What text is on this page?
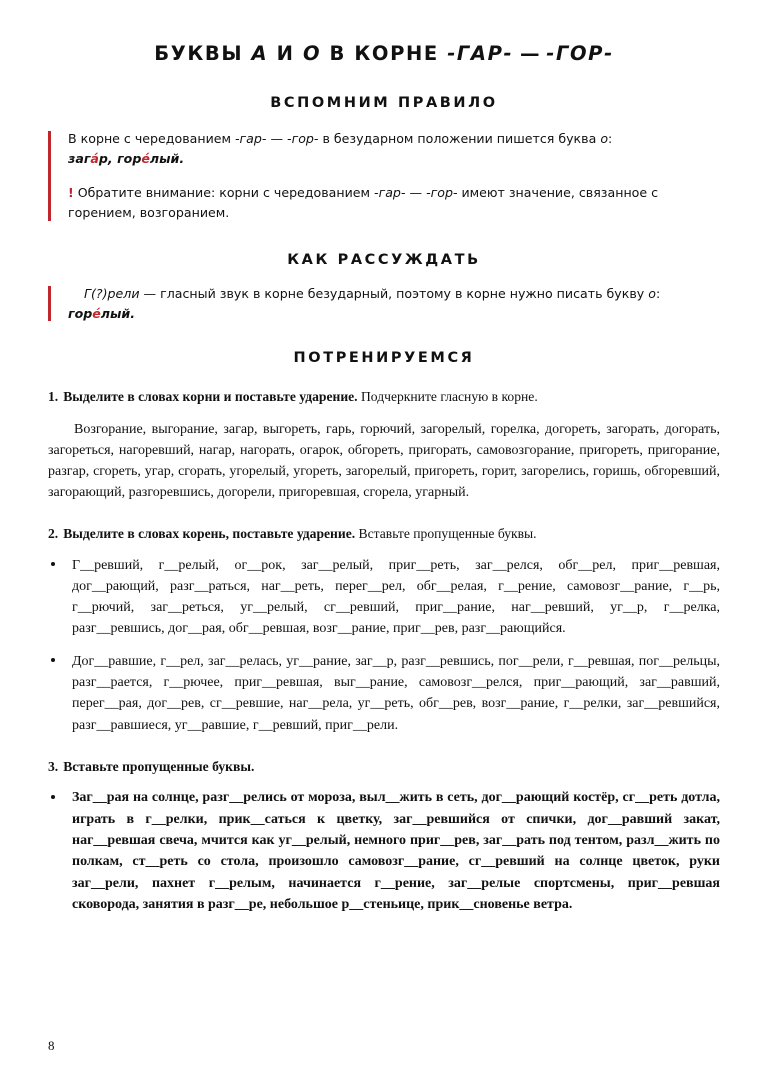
БУКВЫ А И О В КОРНЕ -ГАР- — -ГОР-
ВСПОМНИМ ПРАВИЛО

В корне с чередованием -гар- — -гор- в безударном положении пишется буква о:
загáр, горéлый.

! Обратите внимание: корни с чередованием -гар- — -гор- имеют значение, связанное с горением, возгоранием.

КАК РАССУЖДАТЬ

Г(?)рели — гласный звук в корне безударный, поэтому в корне нужно писать букву о: горéлый.

ПОТРЕНИРУЕМСЯ
1. Выделите в словах корни и поставьте ударение. Подчеркните гласную в корне.

Возгорание, выгорание, загар, выгореть, гарь, горючий, загорелый, горелка, догореть, загорать, догорать, загореться, нагоревший, нагар, нагорать, огарок, обгореть, пригорать, самовозгорание, пригореть, пригорание, разгар, сгореть, угар, сгорать, угорелый, угореть, загорелый, пригореть, горит, загорелись, горишь, обгоревший, загорающий, разгоревшись, догорели, пригоревшая, сгорела, угарный.

2. Выделите в словах корень, поставьте ударение. Вставьте пропущенные буквы.
Г__ревший, г__релый, ог__рок, заг__релый, приг__реть, заг__релся, обг__рел, приг__ревшая, дог__рающий, разг__раться, наг__реть, перег__рел, обг__релая, г__рение, самовозг__рание, г__рь, г__рючий, заг__реться, уг__релый, сг__ревший, приг__рание, наг__ревший, уг__р, г__релка, разг__ревшись, дог__рая, обг__ревшая, возг__рание, приг__рев, разг__рающийся.
Дог__равшие, г__рел, заг__релась, уг__рание, заг__р, разг__ревшись, пог__рели, г__ревшая, пог__рельцы, разг__рается, г__рючее, приг__ревшая, выг__рание, самовозг__релся, приг__рающий, заг__равший, перег__рая, дог__рев, сг__ревшие, наг__рела, уг__реть, обг__рев, возг__рание, г__релки, заг__ревшийся, разг__равшиеся, уг__равшие, г__ревший, приг__рели.
3. Вставьте пропущенные буквы.
Заг__рая на солнце, разг__релись от мороза, выл__жить в сеть, дог__рающий костёр, сг__реть дотла, играть в г__релки, прик__саться к цветку, заг__ревшийся от спички, дог__равший закат, наг__ревшая свеча, мчится как уг__релый, немного приг__рев, заг__рать под тентом, разл__жить по полкам, ст__реть со стола, произошло самовозг__рание, сг__ревший на солнце цветок, руки заг__рели, пахнет г__релым, начинается г__рение, заг__релые спортсмены, приг__ревшая сковорода, занятия в разг__ре, небольшое р__стеньице, прик__сновенье ветра.
8
